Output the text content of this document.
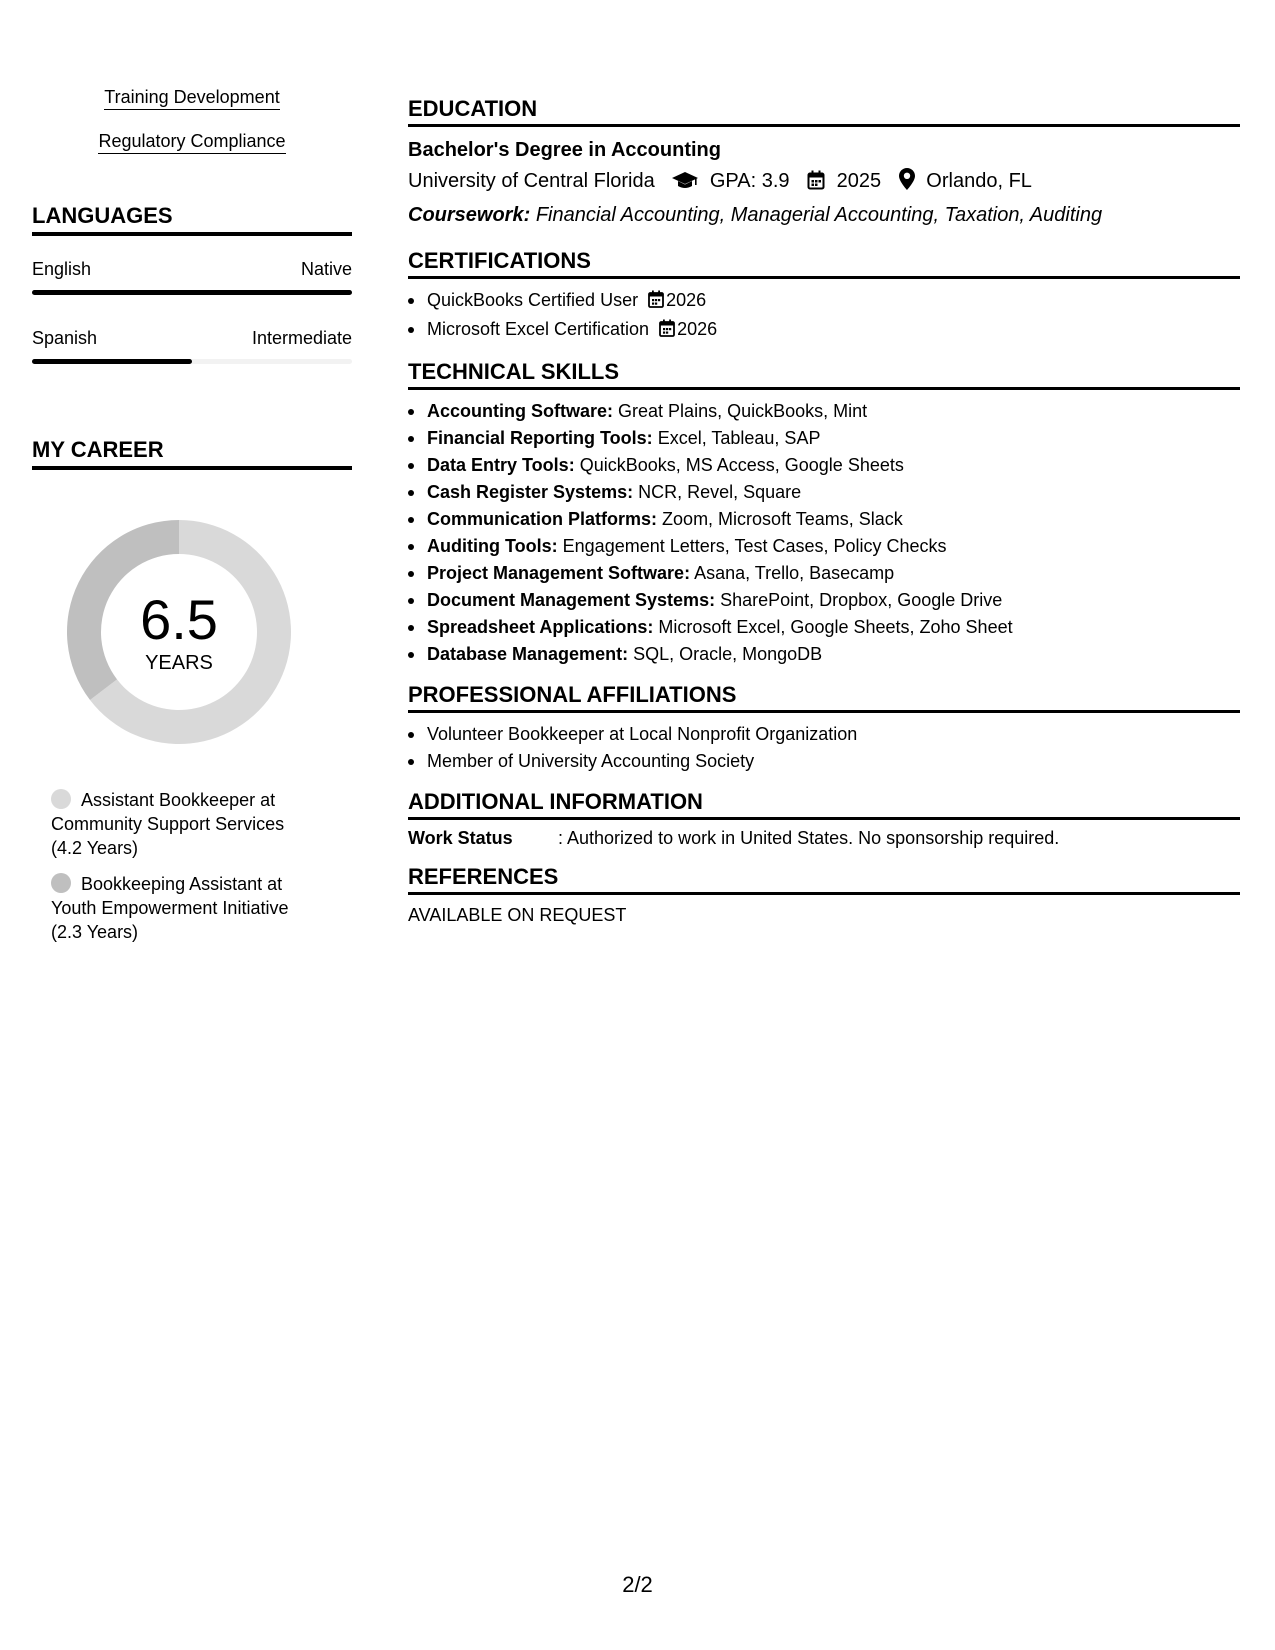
Training Development
Regulatory Compliance
LANGUAGES
English	Native
Spanish	Intermediate
MY CAREER
6.5
YEARS
Assistant Bookkeeper at Community Support Services
(4.2 Years)
Bookkeeping Assistant at Youth Empowerment Initiative
(2.3 Years)
EDUCATION
Bachelor's Degree in Accounting
University of Central Florida	GPA: 3.9 2025 Orlando, FL
Coursework: Financial Accounting, Managerial Accounting, Taxation, Auditing
CERTIFICATIONS
QuickBooks Certified User 2026
Microsoft Excel Certification 2026
TECHNICAL SKILLS
Accounting Software: Great Plains, QuickBooks, Mint
Financial Reporting Tools: Excel, Tableau, SAP
Data Entry Tools: QuickBooks, MS Access, Google Sheets
Cash Register Systems: NCR, Revel, Square
Communication Platforms: Zoom, Microsoft Teams, Slack
Auditing Tools: Engagement Letters, Test Cases, Policy Checks
Project Management Software: Asana, Trello, Basecamp
Document Management Systems: SharePoint, Dropbox, Google Drive
Spreadsheet Applications: Microsoft Excel, Google Sheets, Zoho Sheet
Database Management: SQL, Oracle, MongoDB
PROFESSIONAL AFFILIATIONS
Volunteer Bookkeeper at Local Nonprofit Organization
Member of University Accounting Society
ADDITIONAL INFORMATION
Work Status	: Authorized to work in United States. No sponsorship required.
REFERENCES
AVAILABLE ON REQUEST
2/2
